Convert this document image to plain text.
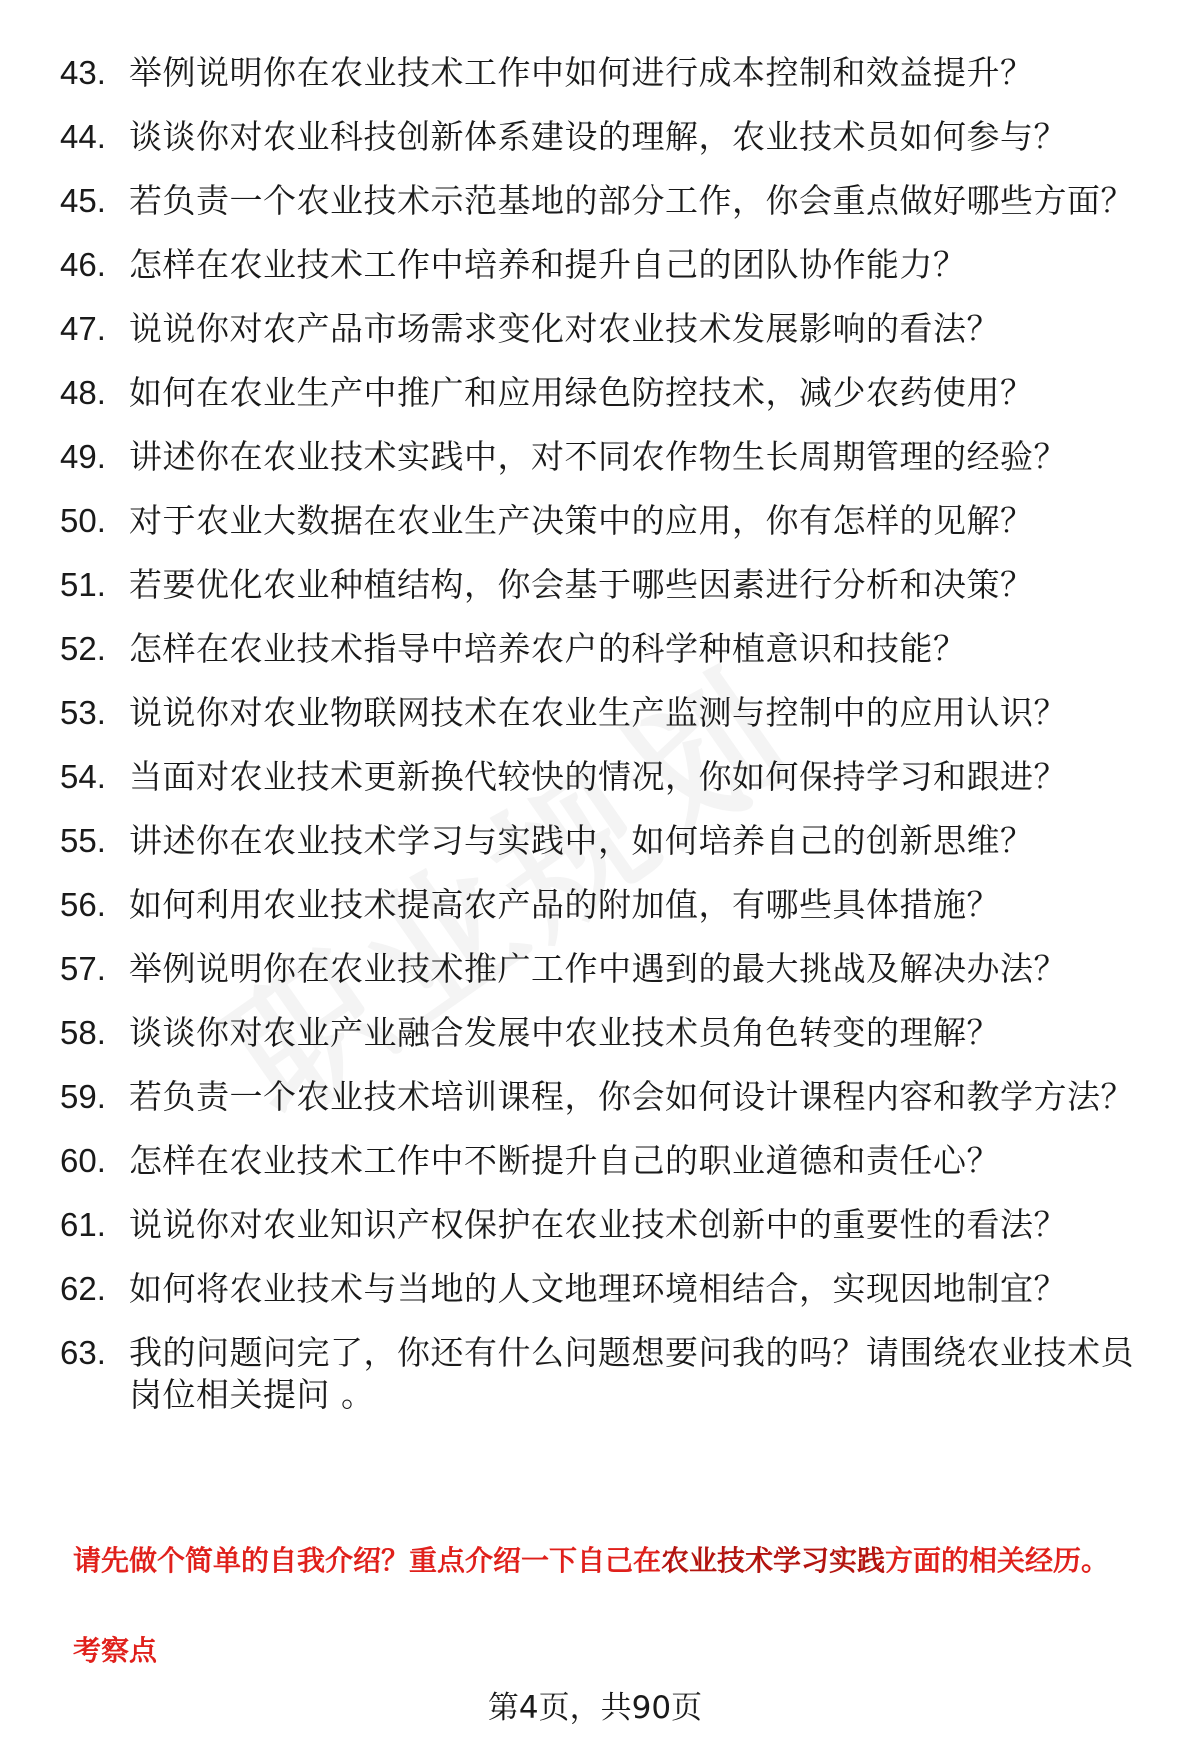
43. 举例说明你在农业技术工作中如何进行成本控制和效益提升？
44. 谈谈你对农业科技创新体系建设的理解，农业技术员如何参与？
45. 若负责一个农业技术示范基地的部分工作，你会重点做好哪些方面？
46. 怎样在农业技术工作中培养和提升自己的团队协作能力？
47. 说说你对农产品市场需求变化对农业技术发展影响的看法？
48. 如何在农业生产中推广和应用绿色防控技术，减少农药使用？
49. 讲述你在农业技术实践中，对不同农作物生长周期管理的经验？
50. 对于农业大数据在农业生产决策中的应用，你有怎样的见解？
51. 若要优化农业种植结构，你会基于哪些因素进行分析和决策？
52. 怎样在农业技术指导中培养农户的科学种植意识和技能？
53. 说说你对农业物联网技术在农业生产监测与控制中的应用认识？
54. 当面对农业技术更新换代较快的情况，你如何保持学习和跟进？
55. 讲述你在农业技术学习与实践中，如何培养自己的创新思维？
56. 如何利用农业技术提高农产品的附加值，有哪些具体措施？
57. 举例说明你在农业技术推广工作中遇到的最大挑战及解决办法？
58. 谈谈你对农业产业融合发展中农业技术员角色转变的理解？
59. 若负责一个农业技术培训课程，你会如何设计课程内容和教学方法？
60. 怎样在农业技术工作中不断提升自己的职业道德和责任心？
61. 说说你对农业知识产权保护在农业技术创新中的重要性的看法？
62. 如何将农业技术与当地的人文地理环境相结合，实现因地制宜？
63. 我的问题问完了，你还有什么问题想要问我的吗？请围绕农业技术员岗位相关提问 。
请先做个简单的自我介绍？重点介绍一下自己在农业技术学习实践方面的相关经历。
考察点
第4页，共90页
